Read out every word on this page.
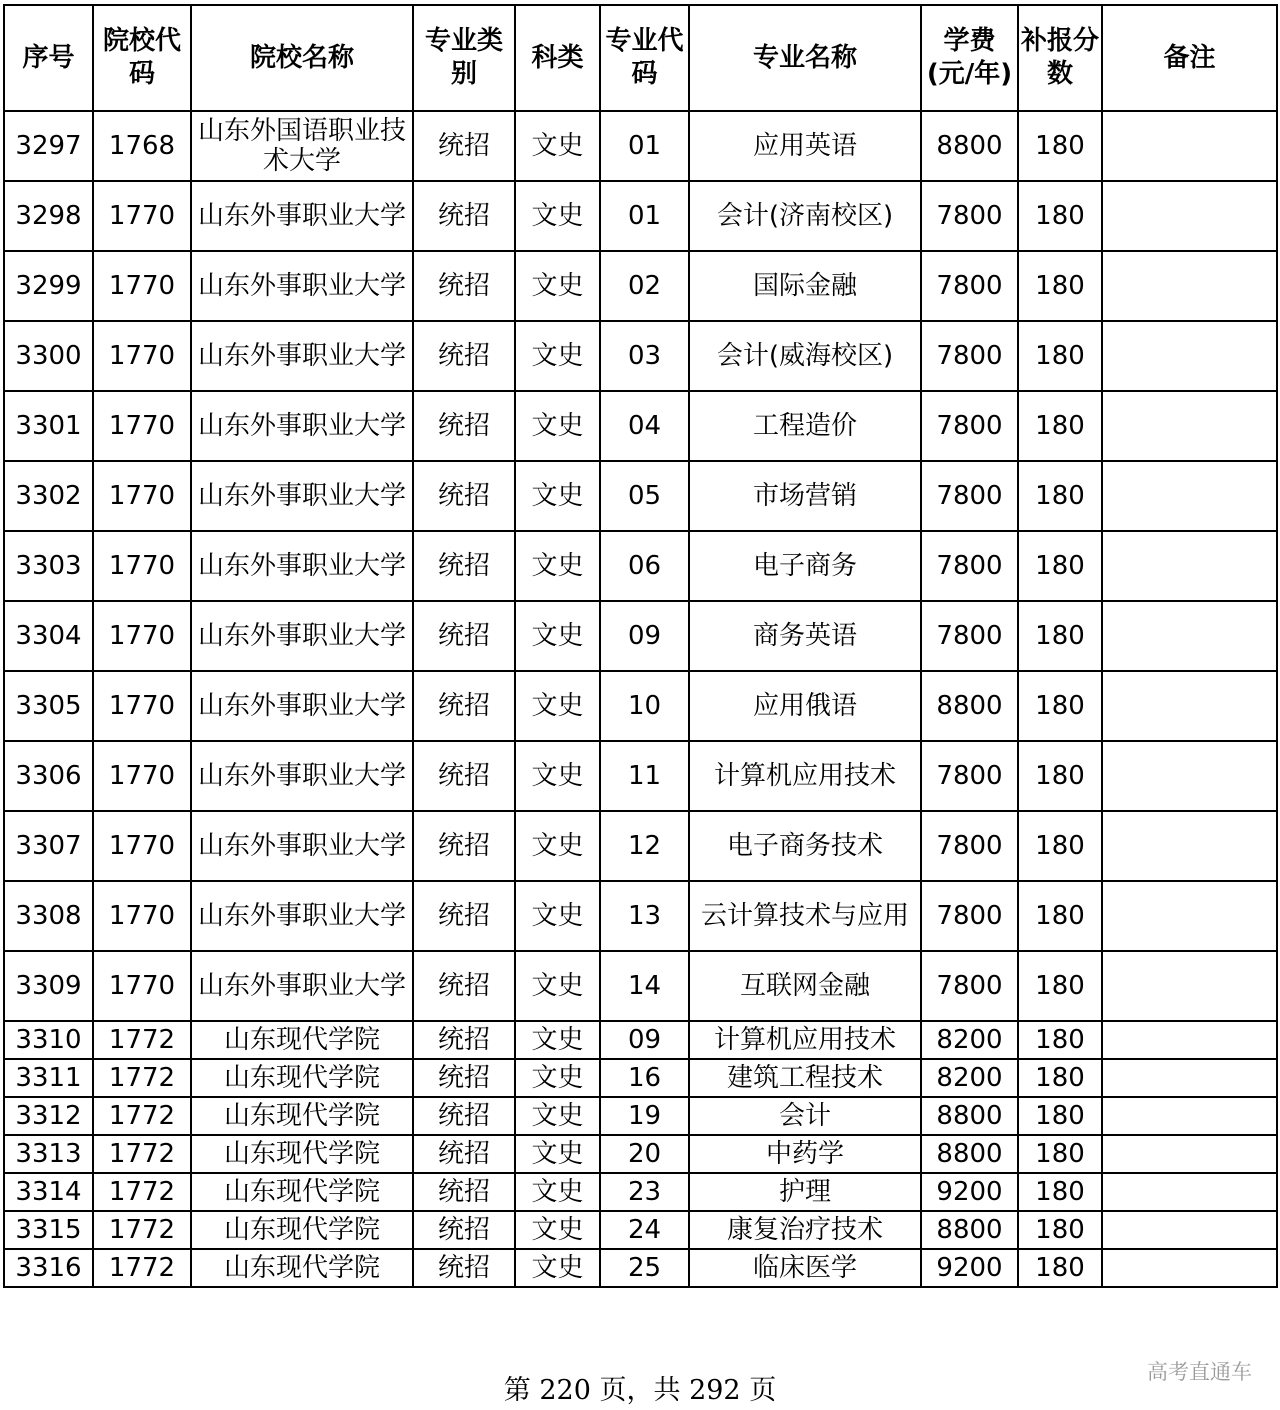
序号	院校代码	院校名称	专业类别	科类	专业代码	专业名称	学费(元/年)	补报分数	备注
3297	1768	山东外国语职业技术大学	统招	文史	01	应用英语	8800	180	
3298	1770	山东外事职业大学	统招	文史	01	会计(济南校区)	7800	180	
3299	1770	山东外事职业大学	统招	文史	02	国际金融	7800	180	
3300	1770	山东外事职业大学	统招	文史	03	会计(威海校区)	7800	180	
3301	1770	山东外事职业大学	统招	文史	04	工程造价	7800	180	
3302	1770	山东外事职业大学	统招	文史	05	市场营销	7800	180	
3303	1770	山东外事职业大学	统招	文史	06	电子商务	7800	180	
3304	1770	山东外事职业大学	统招	文史	09	商务英语	7800	180	
3305	1770	山东外事职业大学	统招	文史	10	应用俄语	8800	180	
3306	1770	山东外事职业大学	统招	文史	11	计算机应用技术	7800	180	
3307	1770	山东外事职业大学	统招	文史	12	电子商务技术	7800	180	
3308	1770	山东外事职业大学	统招	文史	13	云计算技术与应用	7800	180	
3309	1770	山东外事职业大学	统招	文史	14	互联网金融	7800	180	
3310	1772	山东现代学院	统招	文史	09	计算机应用技术	8200	180	
3311	1772	山东现代学院	统招	文史	16	建筑工程技术	8200	180	
3312	1772	山东现代学院	统招	文史	19	会计	8800	180	
3313	1772	山东现代学院	统招	文史	20	中药学	8800	180	
3314	1772	山东现代学院	统招	文史	23	护理	9200	180	
3315	1772	山东现代学院	统招	文史	24	康复治疗技术	8800	180	
3316	1772	山东现代学院	统招	文史	25	临床医学	9200	180	
第 220 页，共 292 页
高考直通车
